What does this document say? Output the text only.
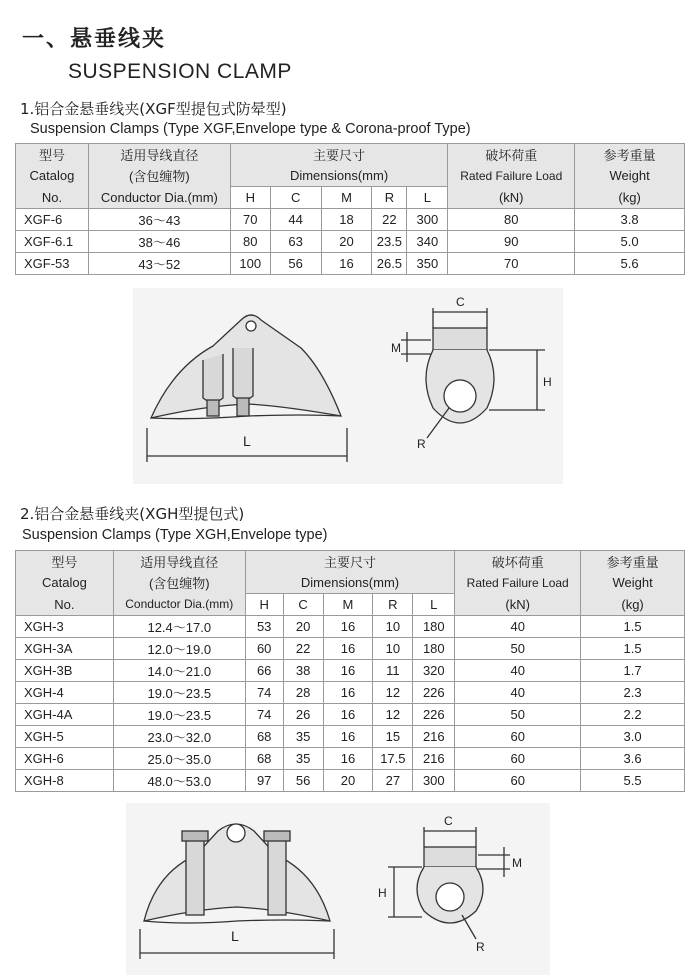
一、悬垂线夹
SUSPENSION CLAMP
1.铝合金悬垂线夹(XGF型提包式防晕型)
Suspension Clamps (Type XGF,Envelope type & Corona-proof Type)
型号	适用导线直径	主要尺寸					破坏荷重	参考重量
Catalog	(含包缠物)	Dimensions(mm)					Rated Failure Load	Weight
No.	Conductor Dia.(mm)	H	C	M	R	L	(kN)	(kg)
XGF-6	36～43	70	44	18	22	300	80	3.8
XGF-6.1	38～46	80	63	20	23.5	340	90	5.0
XGF-53	43～52	100	56	16	26.5	350	70	5.6
L
C
M
H
R
2.铝合金悬垂线夹(XGH型提包式)
Suspension Clamps (Type XGH,Envelope type)
型号	适用导线直径	主要尺寸					破坏荷重	参考重量
Catalog	(含包缠物)	Dimensions(mm)					Rated Failure Load	Weight
No.	Conductor Dia.(mm)	H	C	M	R	L	(kN)	(kg)
XGH-3	12.4～17.0	53	20	16	10	180	40	1.5
XGH-3A	12.0～19.0	60	22	16	10	180	50	1.5
XGH-3B	14.0～21.0	66	38	16	11	320	40	1.7
XGH-4	19.0～23.5	74	28	16	12	226	40	2.3
XGH-4A	19.0～23.5	74	26	16	12	226	50	2.2
XGH-5	23.0～32.0	68	35	16	15	216	60	3.0
XGH-6	25.0～35.0	68	35	16	17.5	216	60	3.6
XGH-8	48.0～53.0	97	56	20	27	300	60	5.5
L
C
M
H
R
